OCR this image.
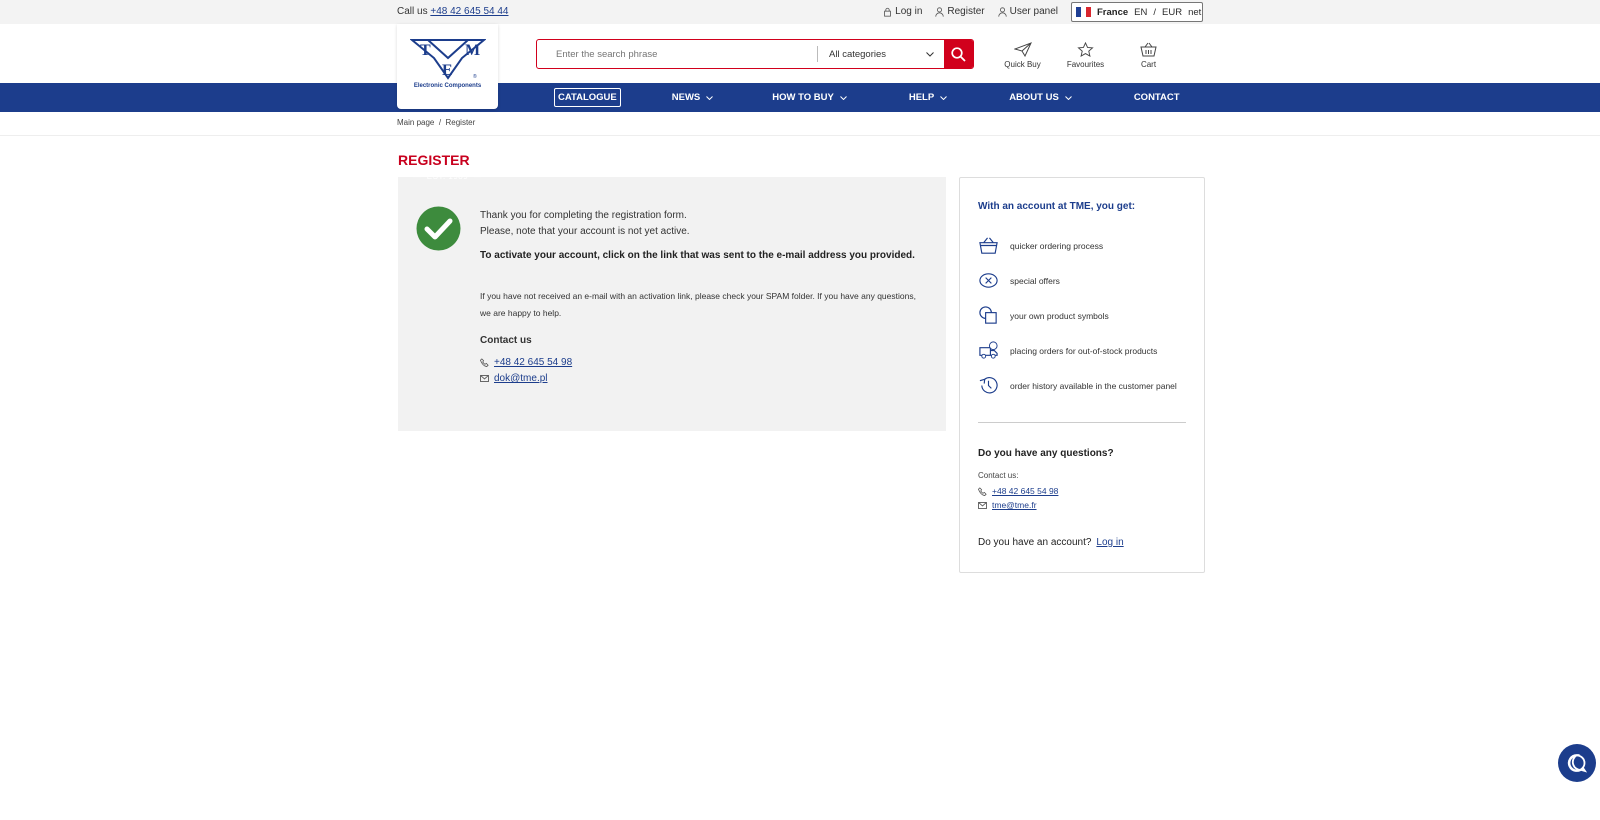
Call us +48 42 645 54 44	Log in	Register	User panel	France EN / EUR net
T
E
M
®
Electronic Components
Enter the search phrase
All categories
Quick Buy	Favourites	Cart
—  EST. 1989  —
CATALOGUE	NEWS	HOW TO BUY	HELP	ABOUT US	CONTACT
Main page / Register
REGISTER

Thank you for completing the registration form.

Please, note that your account is not yet active.

To activate your account, click on the link that was sent to the e-mail address you provided.

If you have not received an e-mail with an activation link, please check your SPAM folder. If you have any questions, we are happy to help.

Contact us

+48 42 645 54 98
dok@tme.pl
With an account at TME, you get:
quicker ordering process
special offers
your own product symbols
placing orders for out-of-stock products
order history available in the customer panel
Do you have any questions?

Contact us:

+48 42 645 54 98
tme@tme.fr

Do you have an account? Log in
